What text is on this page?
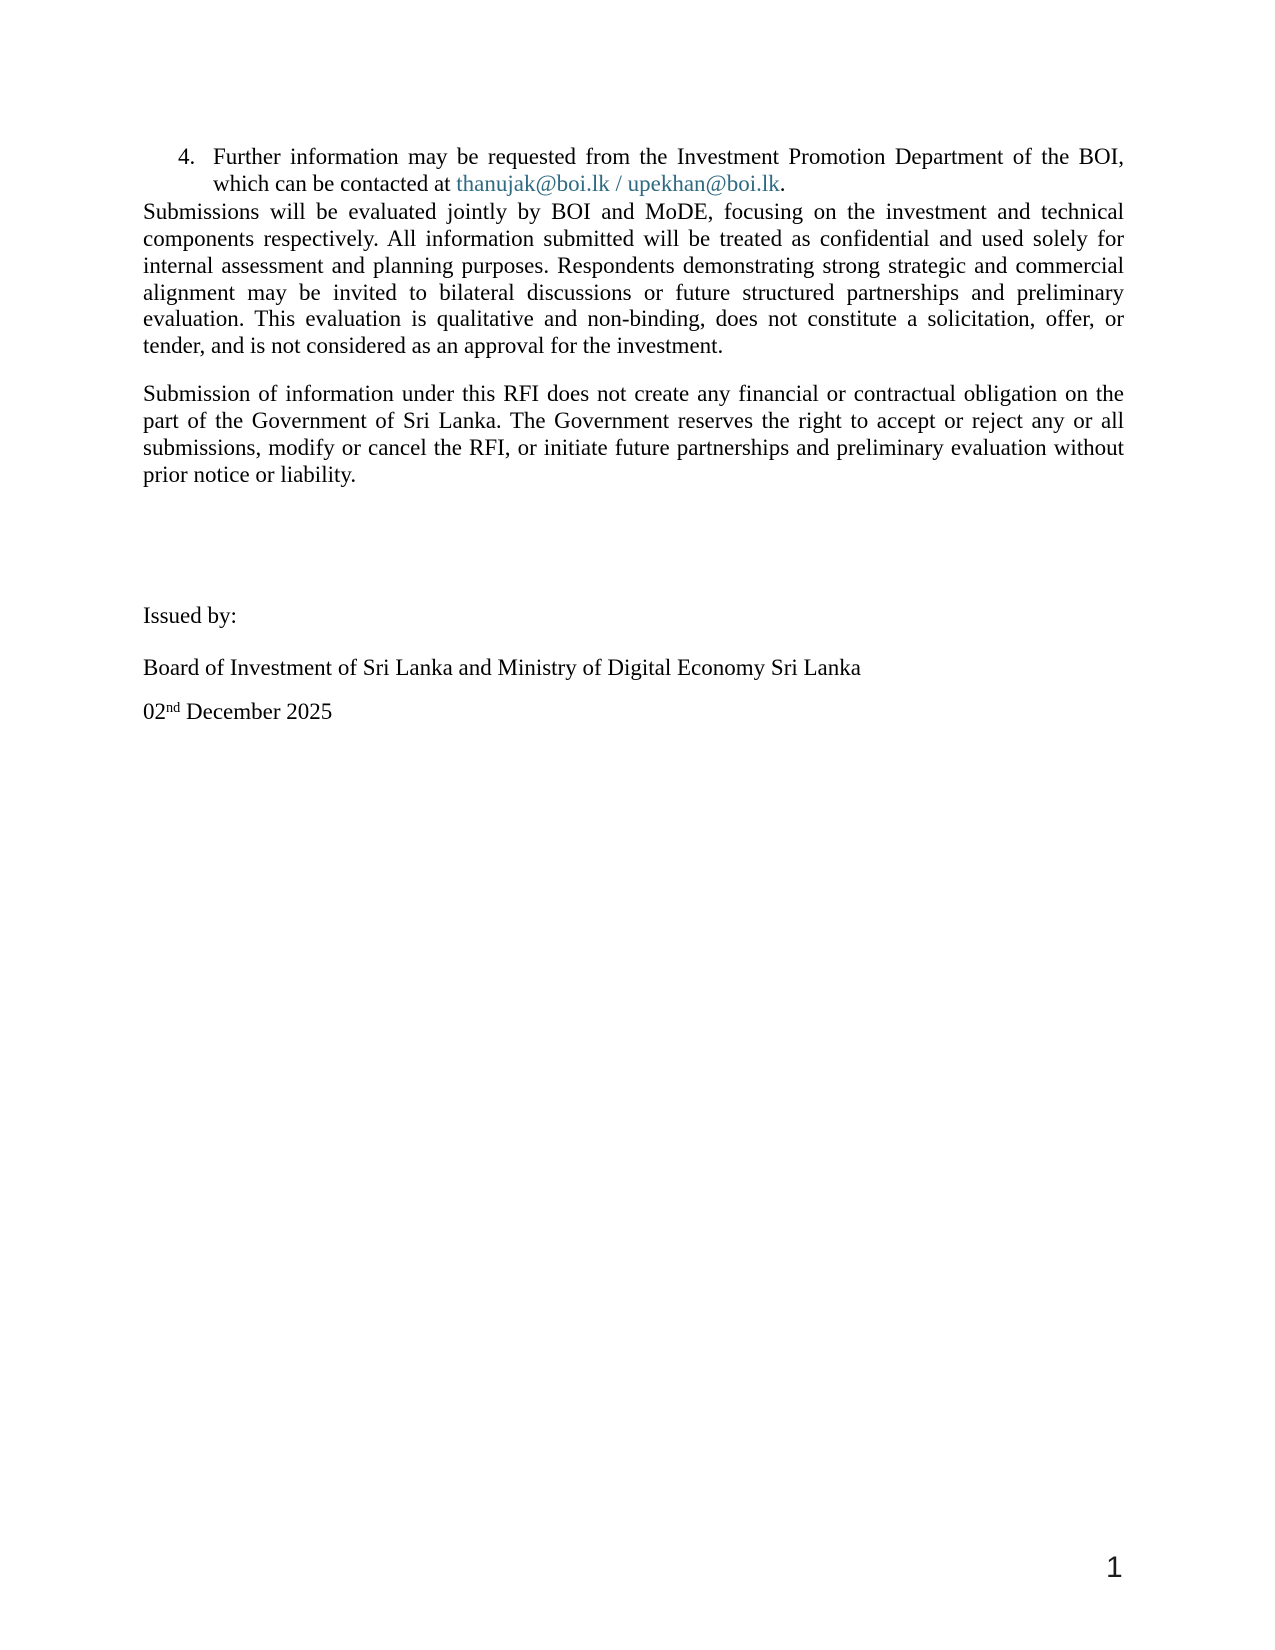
4. Further information may be requested from the Investment Promotion Department of the BOI, which can be contacted at thanujak@boi.lk / upekhan@boi.lk.
Submissions will be evaluated jointly by BOI and MoDE, focusing on the investment and technical components respectively. All information submitted will be treated as confidential and used solely for internal assessment and planning purposes. Respondents demonstrating strong strategic and commercial alignment may be invited to bilateral discussions or future structured partnerships and preliminary evaluation. This evaluation is qualitative and non-binding, does not constitute a solicitation, offer, or tender, and is not considered as an approval for the investment.
Submission of information under this RFI does not create any financial or contractual obligation on the part of the Government of Sri Lanka. The Government reserves the right to accept or reject any or all submissions, modify or cancel the RFI, or initiate future partnerships and preliminary evaluation without prior notice or liability.
Issued by:
Board of Investment of Sri Lanka and Ministry of Digital Economy Sri Lanka
02nd December 2025
1
